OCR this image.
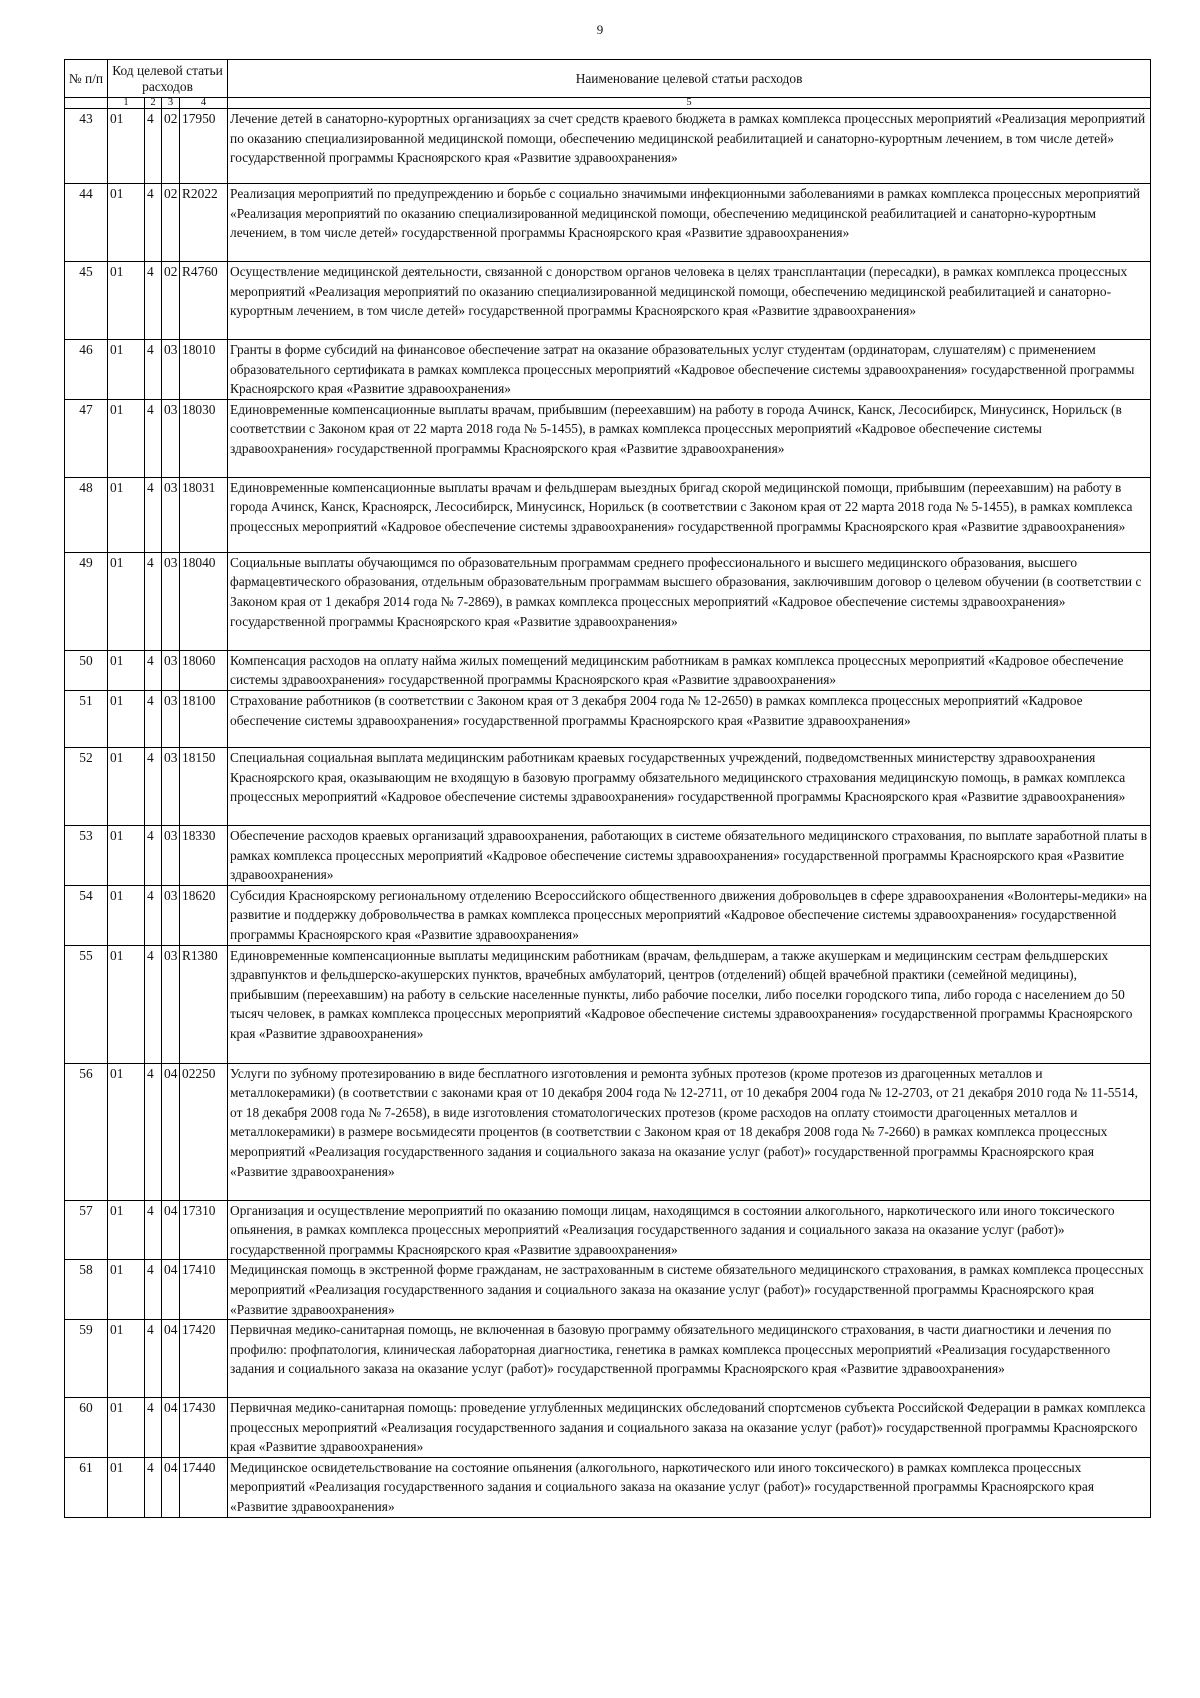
9
№ п/п	Код целевой статьи расходов				Наименование целевой статьи расходов
	1	2	3	4	5
43	01	4	02	17950	Лечение детей в санаторно-курортных организациях за счет средств краевого бюджета в рамках комплекса процессных мероприятий «Реализация мероприятий по оказанию специализированной медицинской помощи, обеспечению медицинской реабилитацией и санаторно-курортным лечением, в том числе детей» государственной программы Красноярского края «Развитие здравоохранения»
44	01	4	02	R2022	Реализация мероприятий по предупреждению и борьбе с социально значимыми инфекционными заболеваниями в рамках комплекса процессных мероприятий «Реализация мероприятий по оказанию специализированной медицинской помощи, обеспечению медицинской реабилитацией и санаторно-курортным лечением, в том числе детей» государственной программы Красноярского края «Развитие здравоохранения»
45	01	4	02	R4760	Осуществление медицинской деятельности, связанной с донорством органов человека в целях трансплантации (пересадки), в рамках комплекса процессных мероприятий «Реализация мероприятий по оказанию специализированной медицинской помощи, обеспечению медицинской реабилитацией и санаторно-курортным лечением, в том числе детей» государственной программы Красноярского края «Развитие здравоохранения»
46	01	4	03	18010	Гранты в форме субсидий на финансовое обеспечение затрат на оказание образовательных услуг студентам (ординаторам, слушателям) с применением образовательного сертификата в рамках комплекса процессных мероприятий «Кадровое обеспечение системы здравоохранения» государственной программы Красноярского края «Развитие здравоохранения»
47	01	4	03	18030	Единовременные компенсационные выплаты врачам, прибывшим (переехавшим) на работу в города Ачинск, Канск, Лесосибирск, Минусинск, Норильск (в соответствии с Законом края от 22 марта 2018 года № 5-1455), в рамках комплекса процессных мероприятий «Кадровое обеспечение системы здравоохранения» государственной программы Красноярского края «Развитие здравоохранения»
48	01	4	03	18031	Единовременные компенсационные выплаты врачам и фельдшерам выездных бригад скорой медицинской помощи, прибывшим (переехавшим) на работу в города Ачинск, Канск, Красноярск, Лесосибирск, Минусинск, Норильск (в соответствии с Законом края от 22 марта 2018 года № 5-1455), в рамках комплекса процессных мероприятий «Кадровое обеспечение системы здравоохранения» государственной программы Красноярского края «Развитие здравоохранения»
49	01	4	03	18040	Социальные выплаты обучающимся по образовательным программам среднего профессионального и высшего медицинского образования, высшего фармацевтического образования, отдельным образовательным программам высшего образования, заключившим договор о целевом обучении (в соответствии с Законом края от 1 декабря 2014 года № 7-2869), в рамках комплекса процессных мероприятий «Кадровое обеспечение системы здравоохранения» государственной программы Красноярского края «Развитие здравоохранения»
50	01	4	03	18060	Компенсация расходов на оплату найма жилых помещений медицинским работникам в рамках комплекса процессных мероприятий «Кадровое обеспечение системы здравоохранения» государственной программы Красноярского края «Развитие здравоохранения»
51	01	4	03	18100	Страхование работников (в соответствии с Законом края от 3 декабря 2004 года № 12-2650) в рамках комплекса процессных мероприятий «Кадровое обеспечение системы здравоохранения» государственной программы Красноярского края «Развитие здравоохранения»
52	01	4	03	18150	Специальная социальная выплата медицинским работникам краевых государственных учреждений, подведомственных министерству здравоохранения Красноярского края, оказывающим не входящую в базовую программу обязательного медицинского страхования медицинскую помощь, в рамках комплекса процессных мероприятий «Кадровое обеспечение системы здравоохранения» государственной программы Красноярского края «Развитие здравоохранения»
53	01	4	03	18330	Обеспечение расходов краевых организаций здравоохранения, работающих в системе обязательного медицинского страхования, по выплате заработной платы в рамках комплекса процессных мероприятий «Кадровое обеспечение системы здравоохранения» государственной программы Красноярского края «Развитие здравоохранения»
54	01	4	03	18620	Субсидия Красноярскому региональному отделению Всероссийского общественного движения добровольцев в сфере здравоохранения «Волонтеры-медики» на развитие и поддержку добровольчества в рамках комплекса процессных мероприятий «Кадровое обеспечение системы здравоохранения» государственной программы Красноярского края «Развитие здравоохранения»
55	01	4	03	R1380	Единовременные компенсационные выплаты медицинским работникам (врачам, фельдшерам, а также акушеркам и медицинским сестрам фельдшерских здравпунктов и фельдшерско-акушерских пунктов, врачебных амбулаторий, центров (отделений) общей врачебной практики (семейной медицины), прибывшим (переехавшим) на работу в сельские населенные пункты, либо рабочие поселки, либо поселки городского типа, либо города с населением до 50 тысяч человек, в рамках комплекса процессных мероприятий «Кадровое обеспечение системы здравоохранения» государственной программы Красноярского края «Развитие здравоохранения»
56	01	4	04	02250	Услуги по зубному протезированию в виде бесплатного изготовления и ремонта зубных протезов (кроме протезов из драгоценных металлов и металлокерамики) (в соответствии с законами края от 10 декабря 2004 года № 12-2711, от 10 декабря 2004 года № 12-2703, от 21 декабря 2010 года № 11-5514, от 18 декабря 2008 года № 7-2658), в виде изготовления стоматологических протезов (кроме расходов на оплату стоимости драгоценных металлов и металлокерамики) в размере восьмидесяти процентов (в соответствии с Законом края от 18 декабря 2008 года № 7-2660) в рамках комплекса процессных мероприятий «Реализация государственного задания и социального заказа на оказание услуг (работ)» государственной программы Красноярского края «Развитие здравоохранения»
57	01	4	04	17310	Организация и осуществление мероприятий по оказанию помощи лицам, находящимся в состоянии алкогольного, наркотического или иного токсического опьянения, в рамках комплекса процессных мероприятий «Реализация государственного задания и социального заказа на оказание услуг (работ)» государственной программы Красноярского края «Развитие здравоохранения»
58	01	4	04	17410	Медицинская помощь в экстренной форме гражданам, не застрахованным в системе обязательного медицинского страхования, в рамках комплекса процессных мероприятий «Реализация государственного задания и социального заказа на оказание услуг (работ)» государственной программы Красноярского края «Развитие здравоохранения»
59	01	4	04	17420	Первичная медико-санитарная помощь, не включенная в базовую программу обязательного медицинского страхования, в части диагностики и лечения по профилю: профпатология, клиническая лабораторная диагностика, генетика в рамках комплекса процессных мероприятий «Реализация государственного задания и социального заказа на оказание услуг (работ)» государственной программы Красноярского края «Развитие здравоохранения»
60	01	4	04	17430	Первичная медико-санитарная помощь: проведение углубленных медицинских обследований спортсменов субъекта Российской Федерации в рамках комплекса процессных мероприятий «Реализация государственного задания и социального заказа на оказание услуг (работ)» государственной программы Красноярского края «Развитие здравоохранения»
61	01	4	04	17440	Медицинское освидетельствование на состояние опьянения (алкогольного, наркотического или иного токсического) в рамках комплекса процессных мероприятий «Реализация государственного задания и социального заказа на оказание услуг (работ)» государственной программы Красноярского края «Развитие здравоохранения»
